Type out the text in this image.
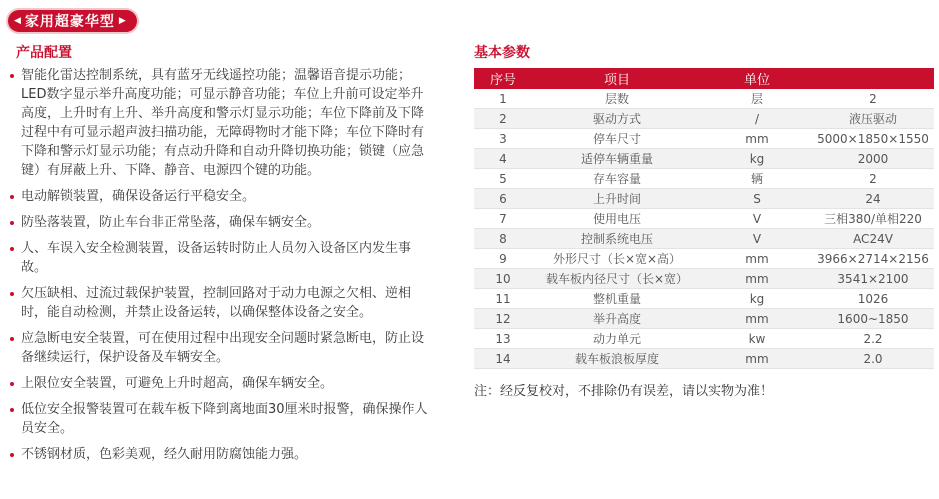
◀ 家用超豪华型 ▶
产品配置
智能化雷达控制系统，具有蓝牙无线遥控功能；温馨语音提示功能；LED数字显示举升高度功能；可显示静音功能；车位上升前可设定举升高度，上升时有上升、举升高度和警示灯显示功能；车位下降前及下降过程中有可显示超声波扫描功能，无障碍物时才能下降；车位下降时有下降和警示灯显示功能；有点动升降和自动升降切换功能；锁键（应急键）有屏蔽上升、下降、静音、电源四个键的功能。
电动解锁装置，确保设备运行平稳安全。
防坠落装置，防止车台非正常坠落，确保车辆安全。
人、车误入安全检测装置，设备运转时防止人员勿入设备区内发生事故。
欠压缺相、过流过载保护装置，控制回路对于动力电源之欠相、逆相时，能自动检测，并禁止设备运转，以确保整体设备之安全。
应急断电安全装置，可在使用过程中出现安全问题时紧急断电，防止设备继续运行，保护设备及车辆安全。
上限位安全装置，可避免上升时超高，确保车辆安全。
低位安全报警装置可在载车板下降到离地面30厘米时报警，确保操作人员安全。
不锈钢材质，色彩美观，经久耐用防腐蚀能力强。
基本参数
序号	项目	单位	
1	层数	层	2
2	驱动方式	/	液压驱动
3	停车尺寸	mm	5000×1850×1550
4	适停车辆重量	kg	2000
5	存车容量	辆	2
6	上升时间	S	24
7	使用电压	V	三相380/单相220
8	控制系统电压	V	AC24V
9	外形尺寸（长×宽×高）	mm	3966×2714×2156
10	载车板内径尺寸（长×宽）	mm	3541×2100
11	整机重量	kg	1026
12	举升高度	mm	1600~1850
13	动力单元	kw	2.2
14	载车板浪板厚度	mm	2.0
注：经反复校对，不排除仍有误差，请以实物为准！
